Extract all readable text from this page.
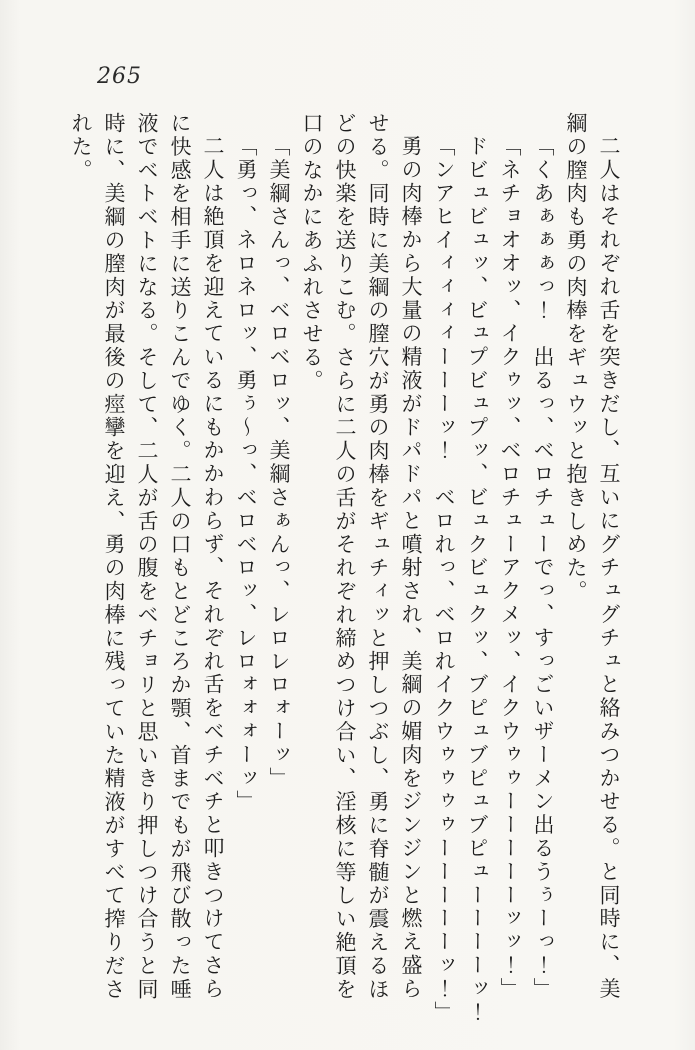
265

二人はそれぞれ舌を突きだし、互いにグチュグチュと絡みつかせる。と同時に、美

綱の膣肉も勇の肉棒をギュウッと抱きしめた。

「くあぁぁぁっ！　出るっ、ベロチューでっ、すっごいザーメン出るうぅーっ！」

「ネチョオオッ、イクゥッ、ベロチューアクメッ、イクウゥゥーーーーーッッ！」

ドビュビュッ、ビュプビュプッ、ビュクビュクッ、ブピュブピュブピューーーーッ！

「ンアヒイィィィィーーーッ！　ベロれっ、ベロれイクウゥゥゥゥーーーーーッ！」

勇の肉棒から大量の精液がドパドパと噴射され、美綱の媚肉をジンジンと燃え盛ら

せる。同時に美綱の膣穴が勇の肉棒をギュチィッと押しつぶし、勇に脊髄が震えるほ

どの快楽を送りこむ。さらに二人の舌がそれぞれ締めつけ合い、淫核に等しい絶頂を

口のなかにあふれさせる。

「美綱さんっ、ベロベロッ、美綱さぁんっ、レロレロォーッ」

「勇っ、ネロネロッ、勇ぅ～っ、ベロベロッ、レロォォォーッ」

二人は絶頂を迎えているにもかかわらず、それぞれ舌をベチベチと叩きつけてさら

に快感を相手に送りこんでゆく。二人の口もとどころか顎、首までもが飛び散った唾

液でベトベトになる。そして、二人が舌の腹をベチョリと思いきり押しつけ合うと同

時に、美綱の膣肉が最後の痙攣を迎え、勇の肉棒に残っていた精液がすべて搾りださ

れた。
